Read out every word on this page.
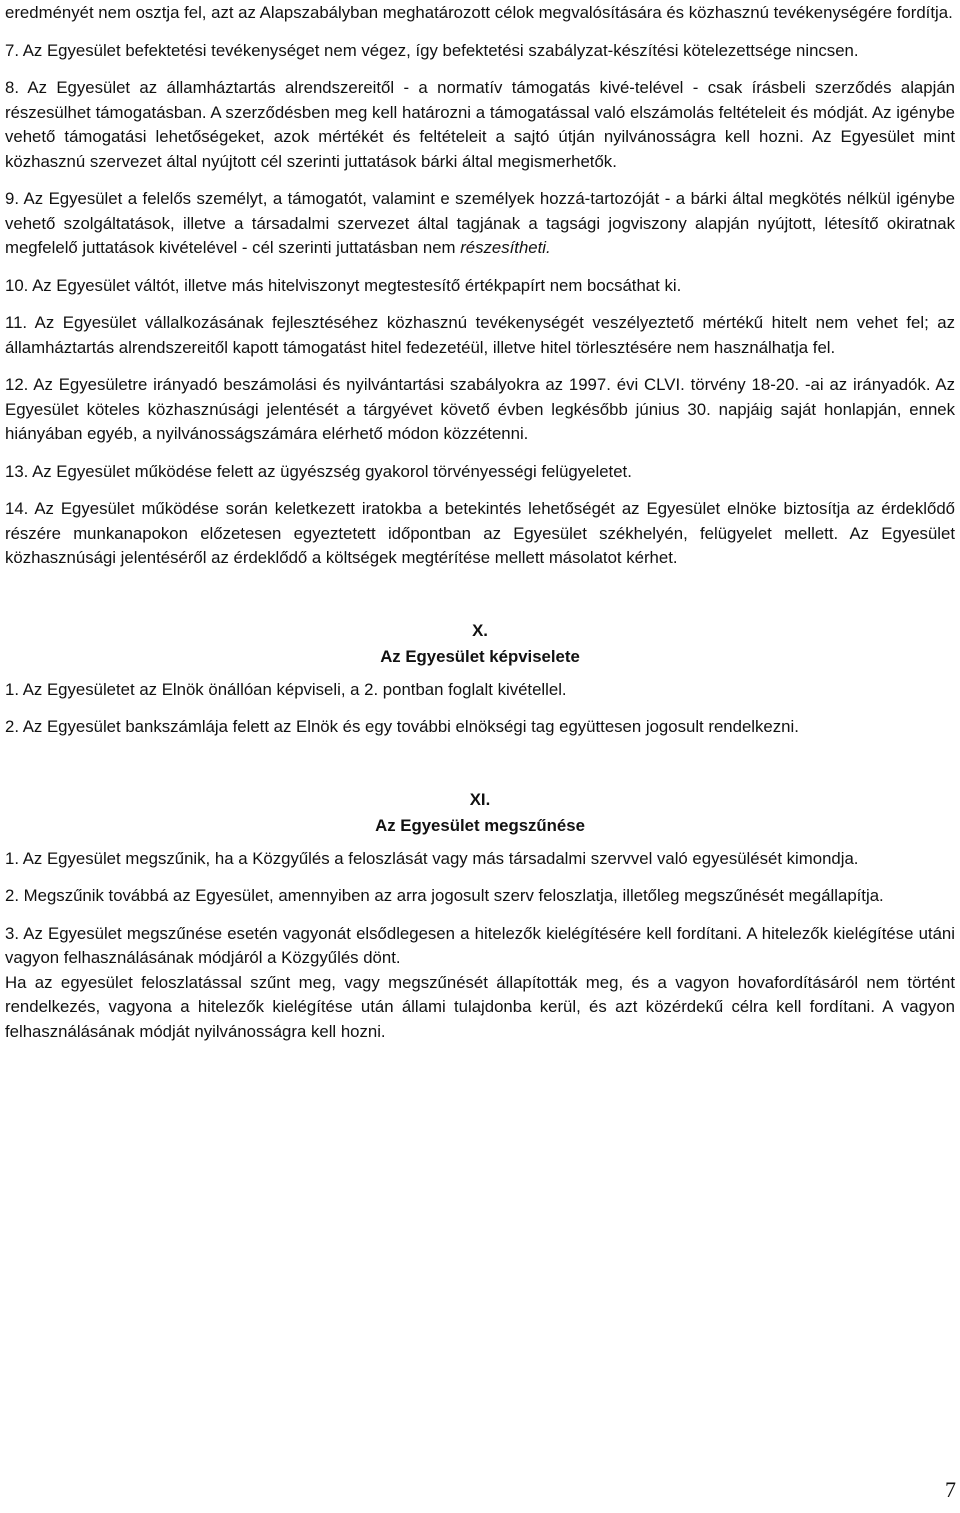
eredményét nem osztja fel, azt az Alapszabályban meghatározott célok megvalósítására és közhasznú tevékenységére fordítja.

7. Az Egyesület befektetési tevékenységet nem végez, így befektetési szabályzat-készítési kötelezettsége nincsen.

8. Az Egyesület az államháztartás alrendszereitől - a normatív támogatás kivé-telével - csak írásbeli szerződés alapján részesülhet támogatásban. A szerződésben meg kell határozni a támogatással való elszámolás feltételeit és módját. Az igénybe vehető támogatási lehetőségeket, azok mértékét és feltételeit a sajtó útján nyilvánosságra kell hozni. Az Egyesület mint közhasznú szervezet által nyújtott cél szerinti juttatások bárki által megismerhetők.

9. Az Egyesület a felelős személyt, a támogatót, valamint e személyek hozzá-tartozóját - a bárki által megkötés nélkül igénybe vehető szolgáltatások, illetve a társadalmi szervezet által tagjának a tagsági jogviszony alapján nyújtott, létesítő okiratnak megfelelő juttatások kivételével - cél szerinti juttatásban nem részesítheti.

10. Az Egyesület váltót, illetve más hitelviszonyt megtestesítő értékpapírt nem bocsáthat ki.

11. Az Egyesület vállalkozásának fejlesztéséhez közhasznú tevékenységét veszélyeztető mértékű hitelt nem vehet fel; az államháztartás alrendszereitől kapott támogatást hitel fedezetéül, illetve hitel törlesztésére nem használhatja fel.

12. Az Egyesületre irányadó beszámolási és nyilvántartási szabályokra az 1997. évi CLVI. törvény 18-20. -ai az irányadók. Az Egyesület köteles közhasznúsági jelentését a tárgyévet követő évben legkésőbb június 30. napjáig saját honlapján, ennek hiányában egyéb, a nyilvánosságszámára elérhető módon közzétenni.

13. Az Egyesület működése felett az ügyészség gyakorol törvényességi felügyeletet.

14. Az Egyesület működése során keletkezett iratokba a betekintés lehetőségét az Egyesület elnöke biztosítja az érdeklődő részére munkanapokon előzetesen egyeztetett időpontban az Egyesület székhelyén, felügyelet mellett. Az Egyesület közhasznúsági jelentéséről az érdeklődő a költségek megtérítése mellett másolatot kérhet.

X.

Az Egyesület képviselete

1. Az Egyesületet az Elnök önállóan képviseli, a 2. pontban foglalt kivétellel.

2. Az Egyesület bankszámlája felett az Elnök és egy további elnökségi tag együttesen jogosult rendelkezni.

XI.

Az Egyesület megszűnése

1. Az Egyesület megszűnik, ha a Közgyűlés a feloszlását vagy más társadalmi szervvel való egyesülését kimondja.

2. Megszűnik továbbá az Egyesület, amennyiben az arra jogosult szerv feloszlatja, illetőleg megszűnését megállapítja.

3. Az Egyesület megszűnése esetén vagyonát elsődlegesen a hitelezők kielégítésére kell fordítani. A hitelezők kielégítése utáni vagyon felhasználásának módjáról a Közgyűlés dönt.

Ha az egyesület feloszlatással szűnt meg, vagy megszűnését állapították meg, és a vagyon hovafordításáról nem történt rendelkezés, vagyona a hitelezők kielégítése után állami tulajdonba kerül, és azt közérdekű célra kell fordítani. A vagyon felhasználásának módját nyilvánosságra kell hozni.

7
